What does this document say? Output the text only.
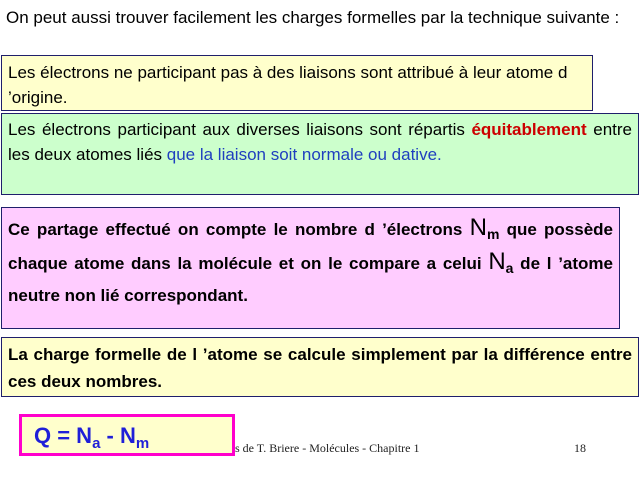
On peut aussi trouver facilement les charges formelles par la technique suivante :
Les électrons ne participant pas à des liaisons sont attribué à leur atome d ’origine.
Les électrons participant aux diverses liaisons sont répartis équitablement entre les deux atomes liés que la liaison soit normale ou dative.
Ce partage effectué on compte le nombre d ’électrons $N_m$ que possède chaque atome dans la molécule et on le compare a celui $N_a$ de l ’atome neutre non lié correspondant.
La charge formelle de l ’atome se calcule simplement par la différence entre ces deux nombres.
$Q = N_a - N_m$	s de T. Briere - Molécules - Chapitre 1	18
